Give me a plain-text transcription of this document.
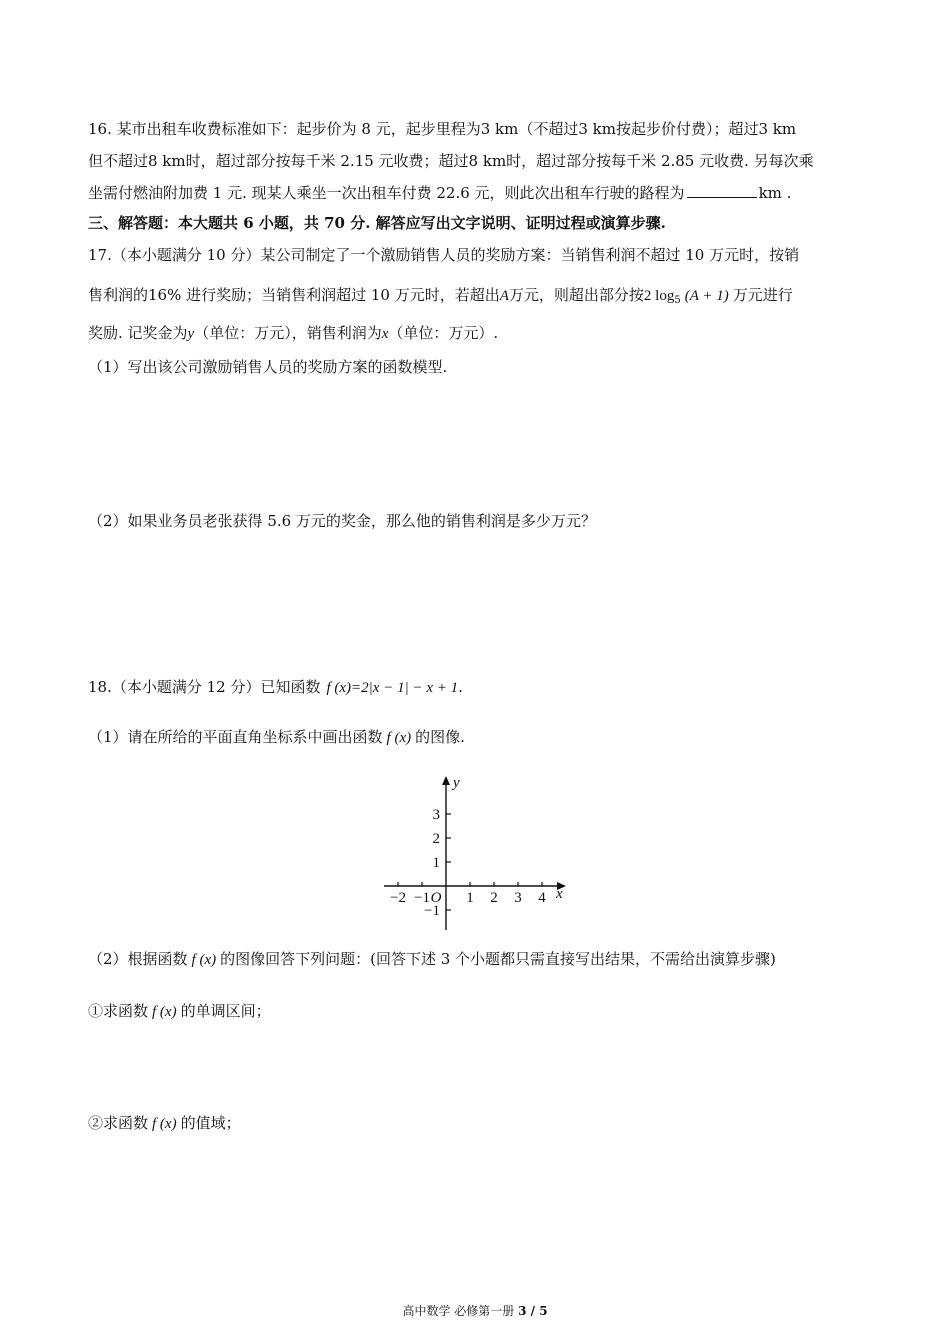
16. 某市出租车收费标准如下：起步价为 8 元，起步里程为3 km（不超过3 km按起步价付费）；超过3 km
但不超过8 km时，超过部分按每千米 2.15 元收费；超过8 km时，超过部分按每千米 2.85 元收费. 另每次乘
坐需付燃油附加费 1 元. 现某人乘坐一次出租车付费 22.6 元，则此次出租车行驶的路程为	km .
三、解答题：本大题共 6 小题，共 70 分. 解答应写出文字说明、证明过程或演算步骤.
17.（本小题满分 10 分）某公司制定了一个激励销售人员的奖励方案：当销售利润不超过 10 万元时，按销
售利润的16% 进行奖励；当销售利润超过 10 万元时，若超出A万元，则超出部分按2 $\log_5 (A + 1)$ 万元进行
奖励. 记奖金为y（单位：万元），销售利润为x（单位：万元）.
（1）写出该公司激励销售人员的奖励方案的函数模型.
（2）如果业务员老张获得 5.6 万元的奖金，那么他的销售利润是多少万元？
18.（本小题满分 12 分）已知函数 f (x)=2|x − 1| − x + 1.
（1）请在所给的平面直角坐标系中画出函数 f (x) 的图像.
−2 −1 1 2 3 4
3
2
1
−1
O	x
y
（2）根据函数 f (x) 的图像回答下列问题：(回答下述 3 个小题都只需直接写出结果，不需给出演算步骤)
①求函数 f (x) 的单调区间；
②求函数 f (x) 的值域；
高中数学 必修第一册 3 / 5
